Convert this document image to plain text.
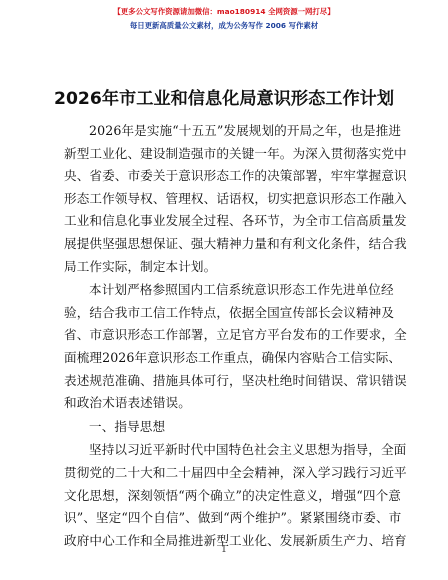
【更多公文写作资源请加微信：mao180914 全网资源一网打尽】
每日更新高质量公文素材，成为公务写作 2006 写作素材
2026年市工业和信息化局意识形态工作计划
2026年是实施“十五五”发展规划的开局之年，也是推进
新型工业化、建设制造强市的关键一年。为深入贯彻落实党中
央、省委、市委关于意识形态工作的决策部署，牢牢掌握意识
形态工作领导权、管理权、话语权，切实把意识形态工作融入
工业和信息化事业发展全过程、各环节，为全市工信高质量发
展提供坚强思想保证、强大精神力量和有利文化条件，结合我
局工作实际，制定本计划。
本计划严格参照国内工信系统意识形态工作先进单位经
验，结合我市工信工作特点，依据全国宣传部长会议精神及
省、市意识形态工作部署，立足官方平台发布的工作要求，全
面梳理2026年意识形态工作重点，确保内容贴合工信实际、
表述规范准确、措施具体可行，坚决杜绝时间错误、常识错误
和政治术语表述错误。
一、指导思想
坚持以习近平新时代中国特色社会主义思想为指导，全面
贯彻党的二十大和二十届四中全会精神，深入学习践行习近平
文化思想，深刻领悟“两个确立”的决定性意义，增强“四个意
识”、坚定“四个自信”、做到“两个维护”。紧紧围绕市委、市
政府中心工作和全局推进新型工业化、发展新质生产力、培育
1
